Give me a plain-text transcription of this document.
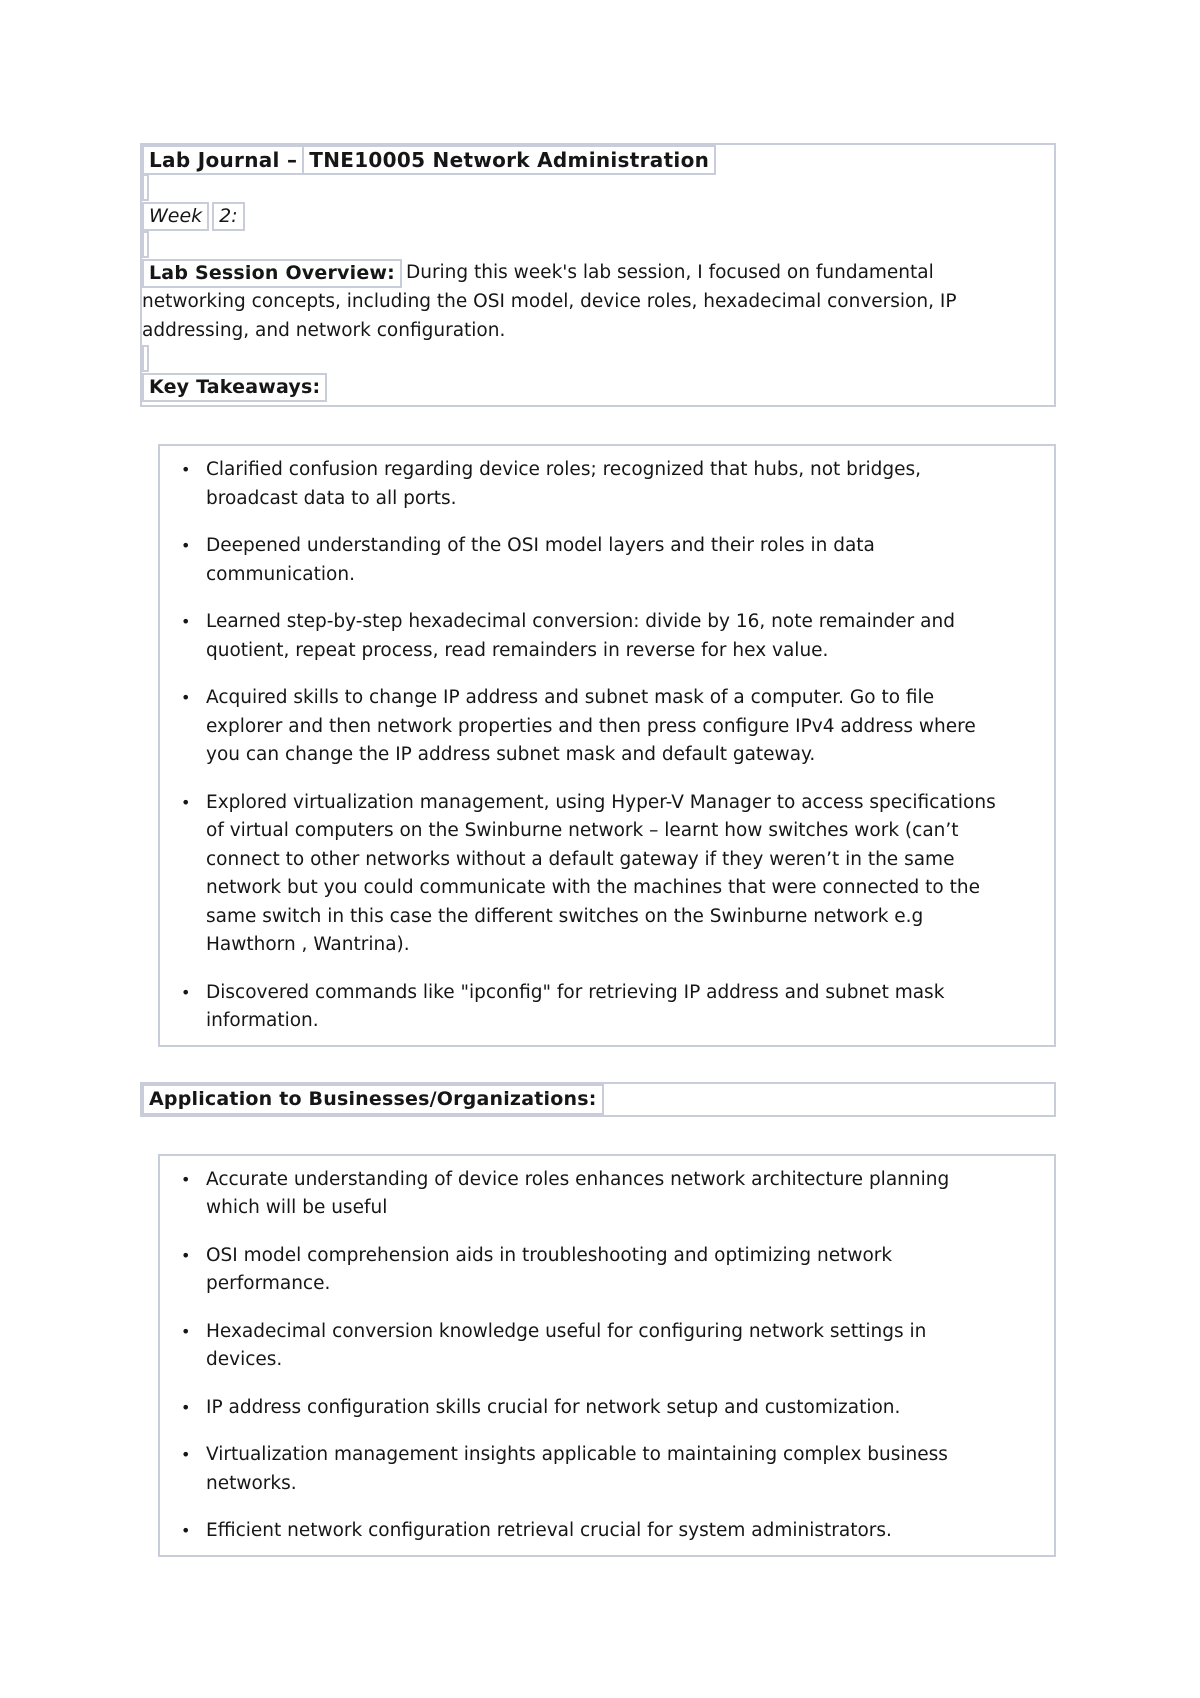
Lab Journal – TNE10005 Network Administration

Week 2:

Lab Session Overview: During this week's lab session, I focused on fundamental networking concepts, including the OSI model, device roles, hexadecimal conversion, IP addressing, and network configuration.

Key Takeaways:

• Clarified confusion regarding device roles; recognized that hubs, not bridges, broadcast data to all ports.
• Deepened understanding of the OSI model layers and their roles in data communication.
• Learned step-by-step hexadecimal conversion: divide by 16, note remainder and quotient, repeat process, read remainders in reverse for hex value.
• Acquired skills to change IP address and subnet mask of a computer. Go to file explorer and then network properties and then press configure IPv4 address where you can change the IP address subnet mask and default gateway.
• Explored virtualization management, using Hyper-V Manager to access specifications of virtual computers on the Swinburne network – learnt how switches work (can’t connect to other networks without a default gateway if they weren’t in the same network but you could communicate with the machines that were connected to the same switch in this case the different switches on the Swinburne network e.g Hawthorn , Wantrina).
• Discovered commands like "ipconfig" for retrieving IP address and subnet mask information.
Application to Businesses/Organizations:
• Accurate understanding of device roles enhances network architecture planning which will be useful
• OSI model comprehension aids in troubleshooting and optimizing network performance.
• Hexadecimal conversion knowledge useful for configuring network settings in devices.
• IP address configuration skills crucial for network setup and customization.
• Virtualization management insights applicable to maintaining complex business networks.
• Efficient network configuration retrieval crucial for system administrators.
